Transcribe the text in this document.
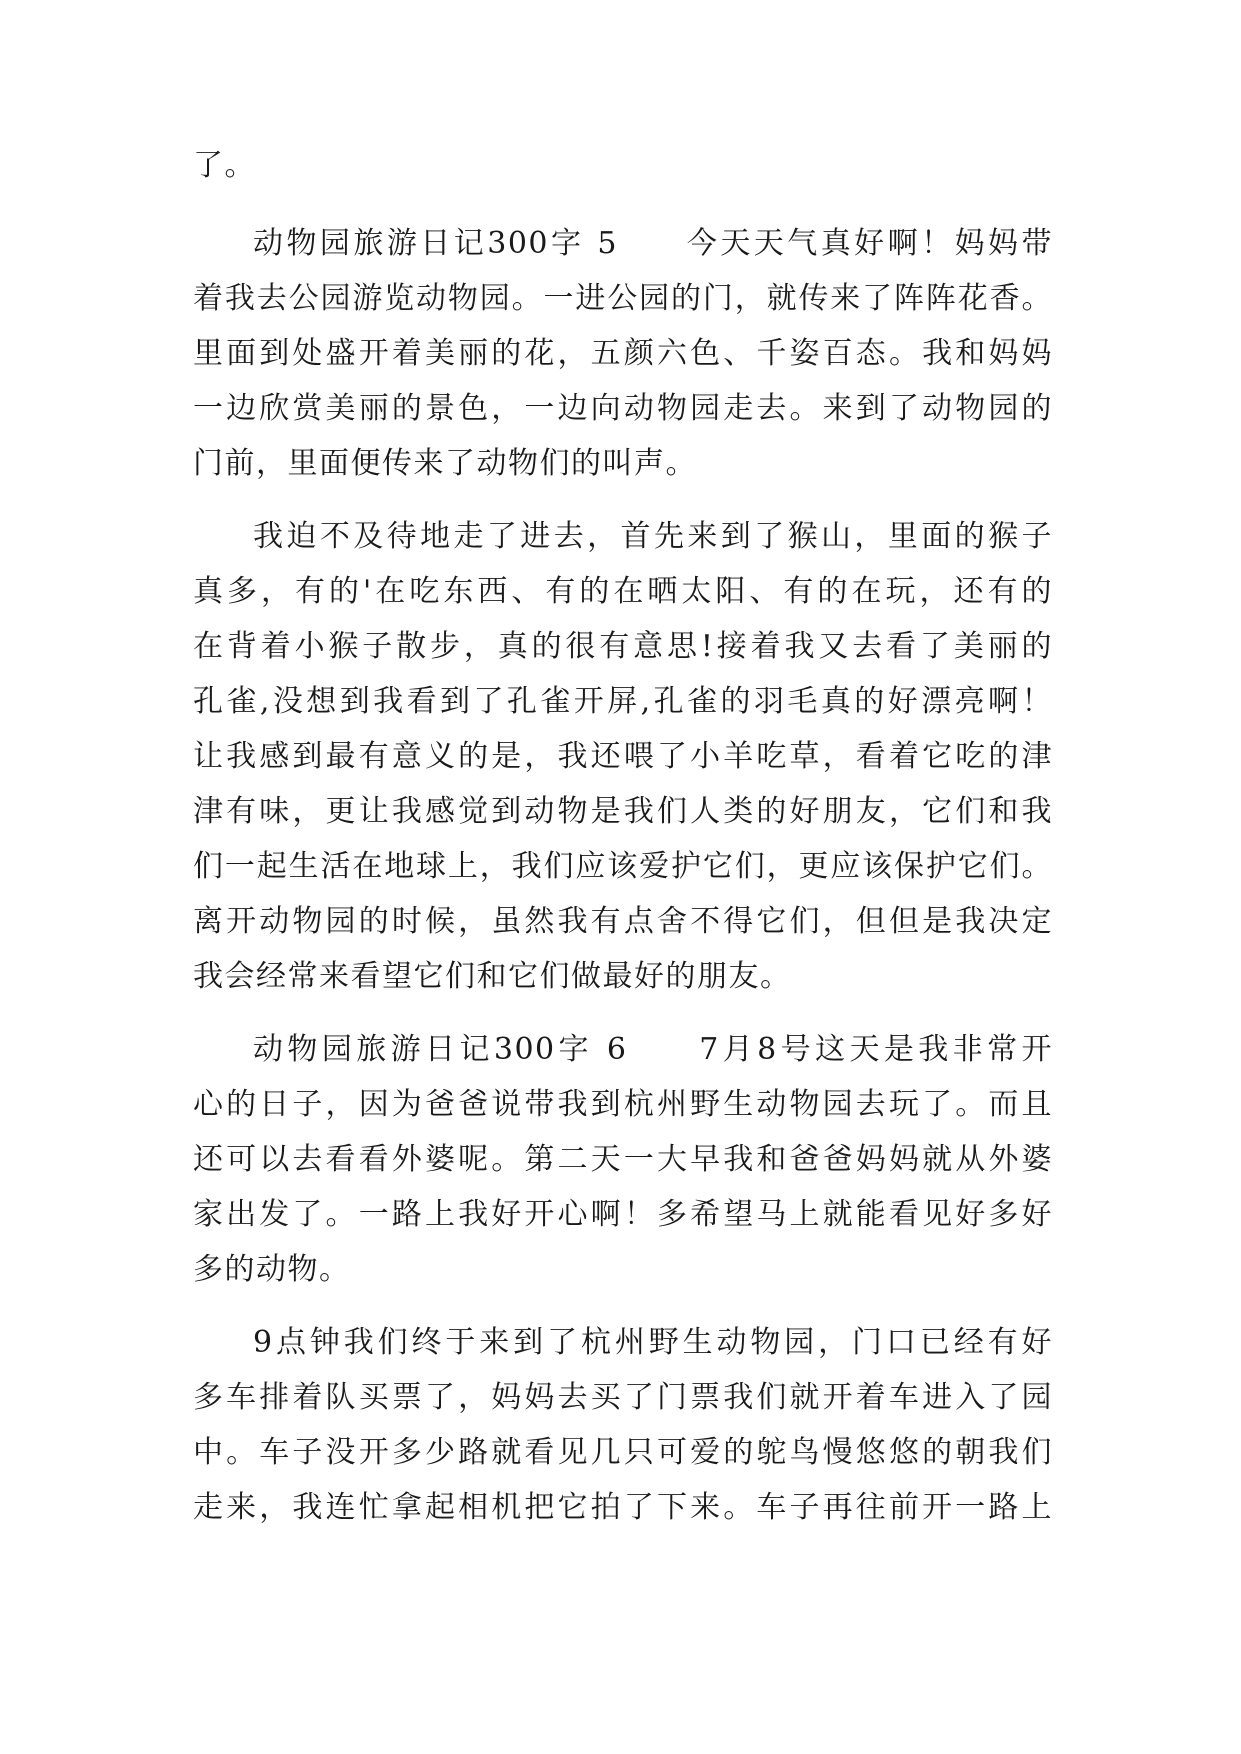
了。
动物园旅游日记300字 5　　今天天气真好啊！妈妈带
着我去公园游览动物园。一进公园的门，就传来了阵阵花香。
里面到处盛开着美丽的花，五颜六色、千姿百态。我和妈妈
一边欣赏美丽的景色，一边向动物园走去。来到了动物园的
门前，里面便传来了动物们的叫声。
我迫不及待地走了进去，首先来到了猴山，里面的猴子
真多，有的'在吃东西、有的在晒太阳、有的在玩，还有的
在背着小猴子散步，真的很有意思!接着我又去看了美丽的
孔雀,没想到我看到了孔雀开屏,孔雀的羽毛真的好漂亮啊！
让我感到最有意义的是，我还喂了小羊吃草，看着它吃的津
津有味，更让我感觉到动物是我们人类的好朋友，它们和我
们一起生活在地球上，我们应该爱护它们，更应该保护它们。
离开动物园的时候，虽然我有点舍不得它们，但但是我决定
我会经常来看望它们和它们做最好的朋友。
动物园旅游日记300字 6　　7月8号这天是我非常开
心的日子，因为爸爸说带我到杭州野生动物园去玩了。而且
还可以去看看外婆呢。第二天一大早我和爸爸妈妈就从外婆
家出发了。一路上我好开心啊！多希望马上就能看见好多好
多的动物。
9点钟我们终于来到了杭州野生动物园，门口已经有好
多车排着队买票了，妈妈去买了门票我们就开着车进入了园
中。车子没开多少路就看见几只可爱的鸵鸟慢悠悠的朝我们
走来，我连忙拿起相机把它拍了下来。车子再往前开一路上
